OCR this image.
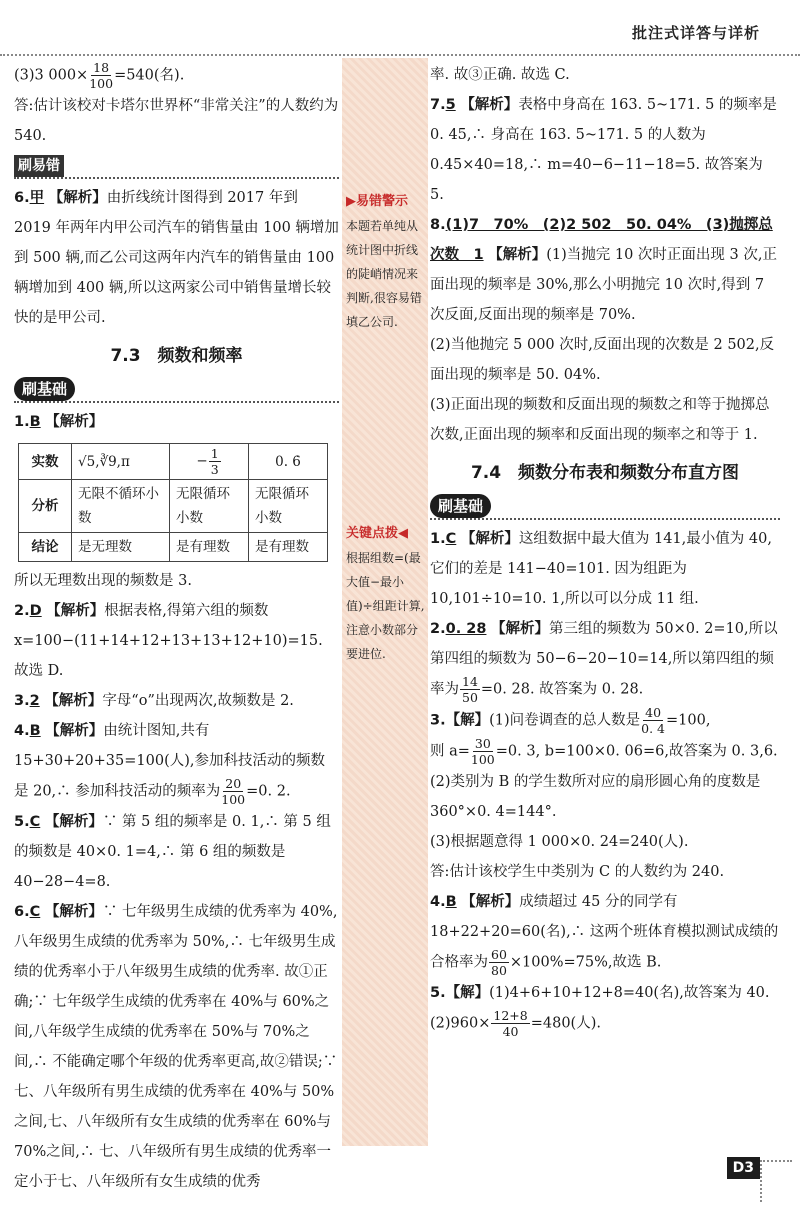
批注式详答与详析
▶易错警示
本题若单纯从统计图中折线的陡峭情况来判断,很容易错填乙公司.
关键点拨◀
根据组数=(最大值−最小值)÷组距计算,注意小数部分要进位.

(3)3 $000\times \frac{18}{100} =540$(名).

答:估计该校对卡塔尔世界杯“非常关注”的人数约为 540.

刷易错

6.甲 【解析】由折线统计图得到 2017 年到 2019 年两年内甲公司汽车的销售量由 100 辆增加到 500 辆,而乙公司这两年内汽车的销售量由 100 辆增加到 400 辆,所以这两家公司中销售量增长较快的是甲公司.

7.3　频数和频率
刷基础

1.B 【解析】

实数	√5,∛9,π	− $\frac{1}{3}$	0. 6̇
分析	无限不循环小数	无限循环小数	无限循环小数
结论	是无理数	是有理数	是有理数

所以无理数出现的频数是 3.

2.D 【解析】根据表格,得第六组的频数 x=100−(11+14+12+13+13+12+10)=15. 故选 D.

3.2 【解析】字母“o”出现两次,故频数是 2.

4.B 【解析】由统计图知,共有 15+30+20+35=100(人),参加科技活动的频数是 20,∴ 参加科技活动的频率为 $\frac{20}{100} =0$. 2.

5.C 【解析】∵ 第 5 组的频率是 0. 1,∴ 第 5 组的频数是 40×0. 1=4,∴ 第 6 组的频数是 40−28−4=8.

6.C 【解析】∵ 七年级男生成绩的优秀率为 40%,八年级男生成绩的优秀率为 50%,∴ 七年级男生成绩的优秀率小于八年级男生成绩的优秀率. 故①正确;∵ 七年级学生成绩的优秀率在 40%与 60%之间,八年级学生成绩的优秀率在 50%与 70%之间,∴ 不能确定哪个年级的优秀率更高,故②错误;∵ 七、八年级所有男生成绩的优秀率在 40%与 50%之间,七、八年级所有女生成绩的优秀率在 60%与 70%之间,∴ 七、八年级所有男生成绩的优秀率一定小于七、八年级所有女生成绩的优秀

率. 故③正确. 故选 C.

7.5 【解析】表格中身高在 163. 5~171. 5 的频率是 0. 45,∴ 身高在 163. 5~171. 5 的人数为 0.45×40=18,∴ m=40−6−11−18=5. 故答案为 5.

8.(1)7　70%　(2)2 502　50. 04%　(3)抛掷总次数　1 【解析】(1)当抛完 10 次时正面出现 3 次,正面出现的频率是 30%,那么小明抛完 10 次时,得到 7 次反面,反面出现的频率是 70%.

(2)当他抛完 5 000 次时,反面出现的次数是 2 502,反面出现的频率是 50. 04%.

(3)正面出现的频数和反面出现的频数之和等于抛掷总次数,正面出现的频率和反面出现的频率之和等于 1.

7.4　频数分布表和频数分布直方图
刷基础

1.C 【解析】这组数据中最大值为 141,最小值为 40,它们的差是 141−40=101. 因为组距为 10,101÷10=10. 1,所以可以分成 11 组.

2.0. 28 【解析】第三组的频数为 50×0. 2=10,所以第四组的频数为 50−6−20−10=14,所以第四组的频率为 $\frac{14}{50} =0$. 28. 故答案为 0. 28.

3.【解】(1)问卷调查的总人数是 $\frac{40}{0. 4} =100$,

则 $a= \frac{30}{100} =0$. 3, b=100×0. 06=6,故答案为 0. 3,6.

(2)类别为 B 的学生数所对应的扇形圆心角的度数是 360°×0. 4=144°.

(3)根据题意得 1 000×0. 24=240(人).

答:估计该校学生中类别为 C 的人数约为 240.

4.B 【解析】成绩超过 45 分的同学有 18+22+20=60(名),∴ 这两个班体育模拟测试成绩的合格率为 $\frac{60}{80} \times 100\%=75\%$,故选 B.

5.【解】(1)4+6+10+12+8=40(名),故答案为 40.

$(2)960\times \frac{12+8}{40} =480$(人).

D3
